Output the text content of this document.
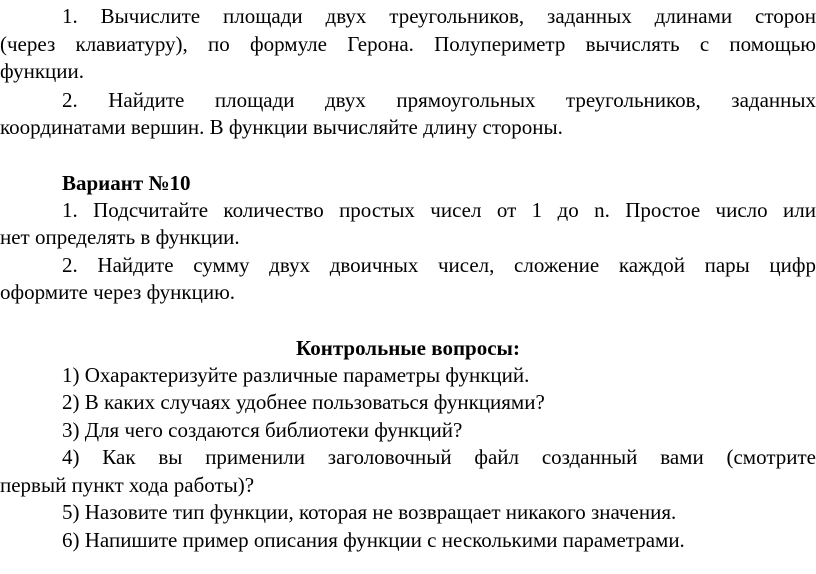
1. Вычислите площади двух треугольников, заданных длинами сторон
(через клавиатуру), по формуле Герона. Полупериметр вычислять с помощью
функции.
2. Найдите площади двух прямоугольных треугольников, заданных
координатами вершин. В функции вычисляйте длину стороны.
Вариант №10
1. Подсчитайте количество простых чисел от 1 до n. Простое число или
нет определять в функции.
2. Найдите сумму двух двоичных чисел, сложение каждой пары цифр
оформите через функцию.
Контрольные вопросы:
1) Охарактеризуйте различные параметры функций.
2) В каких случаях удобнее пользоваться функциями?
3) Для чего создаются библиотеки функций?
4) Как вы применили заголовочный файл созданный вами (смотрите
первый пункт хода работы)?
5) Назовите тип функции, которая не возвращает никакого значения.
6) Напишите пример описания функции с несколькими параметрами.
